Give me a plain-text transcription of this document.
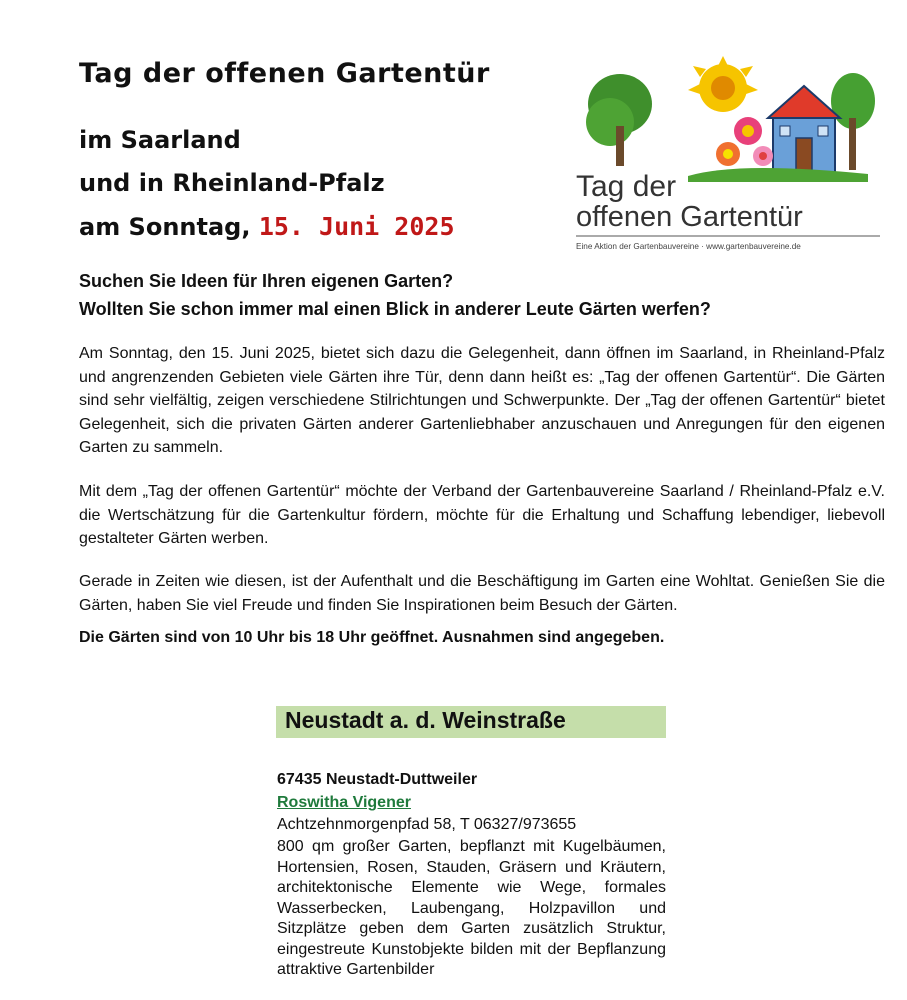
Tag der offenen Gartentür
im Saarland
und in Rheinland-Pfalz
am Sonntag, 15. Juni 2025
Tag der
offenen Gartentür
Eine Aktion der Gartenbauvereine · www.gartenbauvereine.de
Suchen Sie Ideen für Ihren eigenen Garten?
Wollten Sie schon immer mal einen Blick in anderer Leute Gärten werfen?
Am Sonntag, den 15. Juni 2025, bietet sich dazu die Gelegenheit, dann öffnen im Saarland, in Rheinland-Pfalz und angrenzenden Gebieten viele Gärten ihre Tür, denn dann heißt es: „Tag der offenen Gartentür“. Die Gärten sind sehr vielfältig, zeigen verschiedene Stilrichtungen und Schwerpunkte. Der „Tag der offenen Gartentür“ bietet Gelegenheit, sich die privaten Gärten anderer Gartenliebhaber anzuschauen und Anregungen für den eigenen Garten zu sammeln.
Mit dem „Tag der offenen Gartentür“ möchte der Verband der Gartenbauvereine Saarland / Rheinland-Pfalz e.V. die Wertschätzung für die Gartenkultur fördern, möchte für die Erhaltung und Schaffung lebendiger, liebevoll gestalteter Gärten werben.
Gerade in Zeiten wie diesen, ist der Aufenthalt und die Beschäftigung im Garten eine Wohltat. Genießen Sie die Gärten, haben Sie viel Freude und finden Sie Inspirationen beim Besuch der Gärten.
Die Gärten sind von 10 Uhr bis 18 Uhr geöffnet. Ausnahmen sind angegeben.
Neustadt a. d. Weinstraße
67435 Neustadt-Duttweiler
Roswitha Vigener
Achtzehnmorgenpfad 58, T 06327/973655
800 qm großer Garten, bepflanzt mit Kugelbäumen, Hortensien, Rosen, Stauden, Gräsern und Kräutern, architektonische Elemente wie Wege, formales Wasserbecken, Laubengang, Holzpavillon und Sitzplätze geben dem Garten zusätzlich Struktur, eingestreute Kunstobjekte bilden mit der Bepflanzung attraktive Gartenbilder
